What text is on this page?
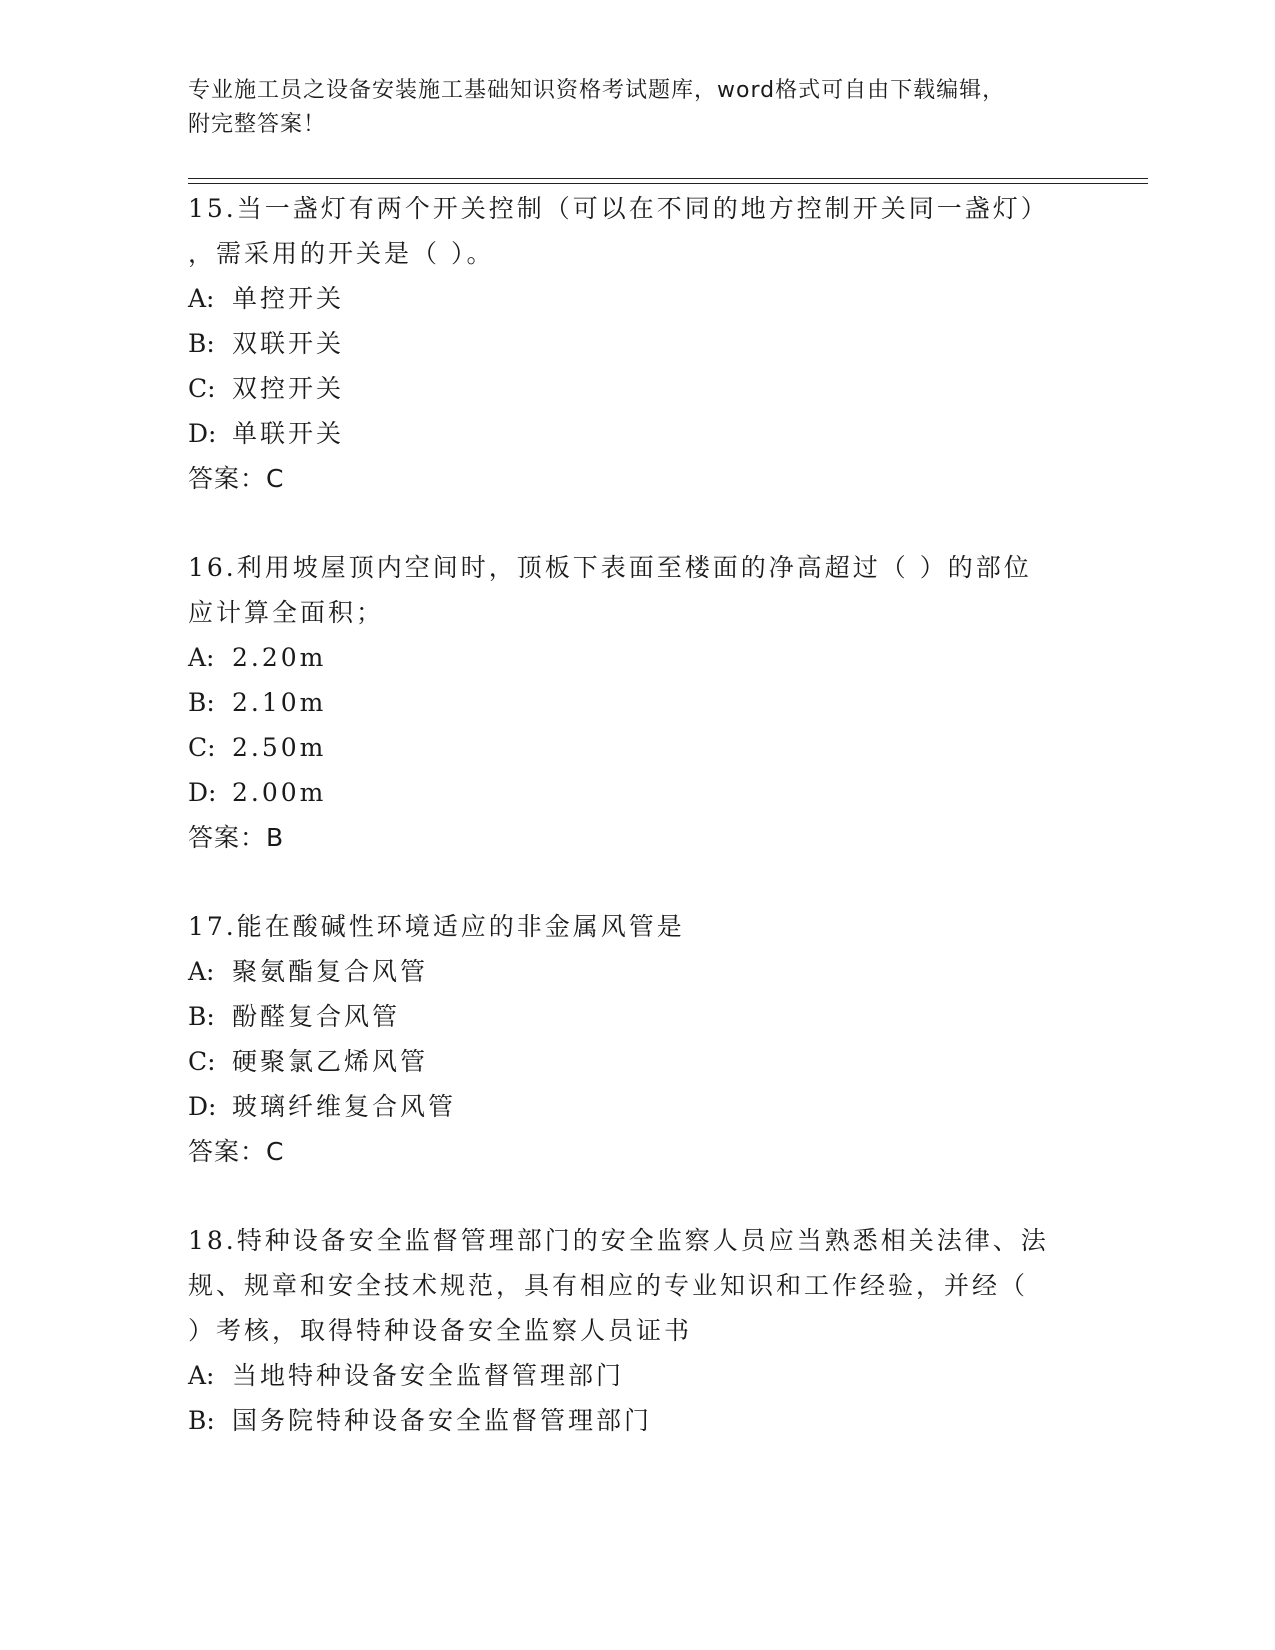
专业施工员之设备安装施工基础知识资格考试题库，word格式可自由下载编辑，
附完整答案！

15.当一盏灯有两个开关控制（可以在不同的地方控制开关同一盏灯）

，需采用的开关是（ ）。

A: 单控开关

B: 双联开关

C: 双控开关

D: 单联开关

答案：C

16.利用坡屋顶内空间时，顶板下表面至楼面的净高超过（ ）的部位

应计算全面积；

A: 2.20m

B: 2.10m

C: 2.50m

D: 2.00m

答案：B

17.能在酸碱性环境适应的非金属风管是

A: 聚氨酯复合风管

B: 酚醛复合风管

C: 硬聚氯乙烯风管

D: 玻璃纤维复合风管

答案：C

18.特种设备安全监督管理部门的安全监察人员应当熟悉相关法律、法

规、规章和安全技术规范，具有相应的专业知识和工作经验，并经（

）考核，取得特种设备安全监察人员证书

A: 当地特种设备安全监督管理部门

B: 国务院特种设备安全监督管理部门
